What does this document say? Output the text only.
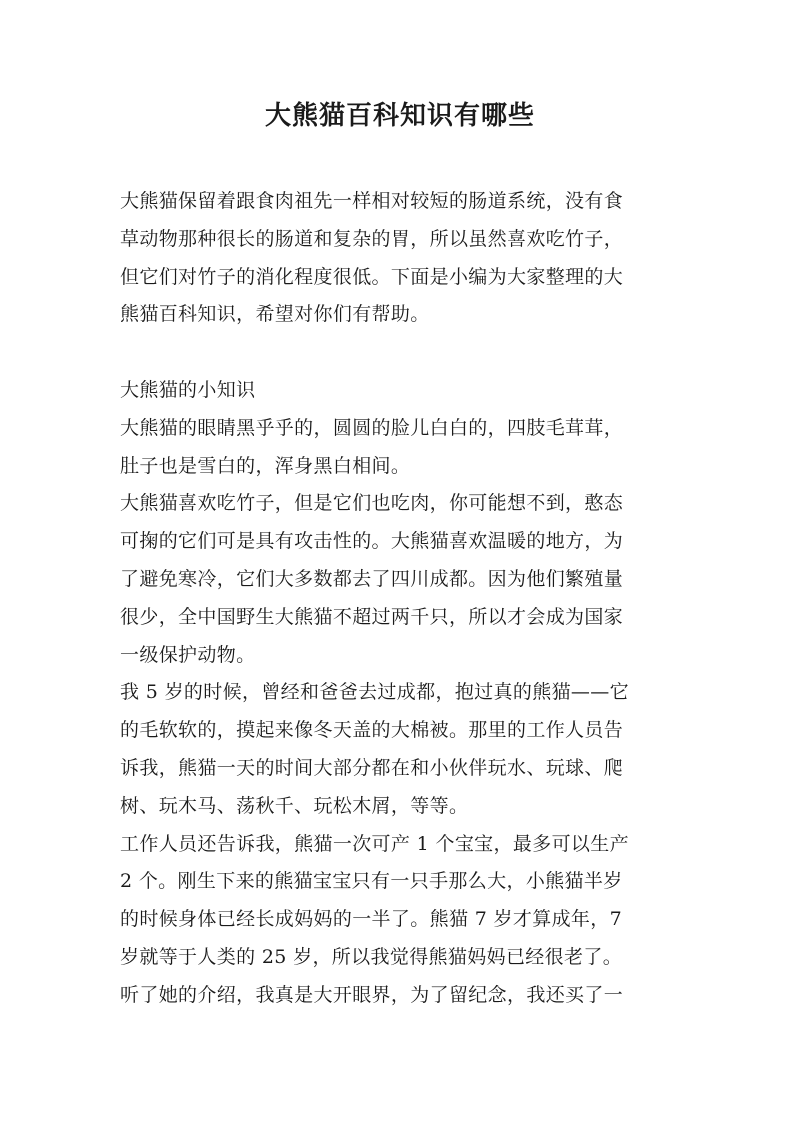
大熊猫百科知识有哪些
大熊猫保留着跟食肉祖先一样相对较短的肠道系统，没有食
草动物那种很长的肠道和复杂的胃，所以虽然喜欢吃竹子，
但它们对竹子的消化程度很低。下面是小编为大家整理的大
熊猫百科知识，希望对你们有帮助。
大熊猫的小知识
大熊猫的眼睛黑乎乎的，圆圆的脸儿白白的，四肢毛茸茸，
肚子也是雪白的，浑身黑白相间。
大熊猫喜欢吃竹子，但是它们也吃肉，你可能想不到，憨态
可掬的它们可是具有攻击性的。大熊猫喜欢温暖的地方，为
了避免寒冷，它们大多数都去了四川成都。因为他们繁殖量
很少，全中国野生大熊猫不超过两千只，所以才会成为国家
一级保护动物。
我 5 岁的时候，曾经和爸爸去过成都，抱过真的熊猫——它
的毛软软的，摸起来像冬天盖的大棉被。那里的工作人员告
诉我，熊猫一天的时间大部分都在和小伙伴玩水、玩球、爬
树、玩木马、荡秋千、玩松木屑，等等。
工作人员还告诉我，熊猫一次可产 1 个宝宝，最多可以生产
2 个。刚生下来的熊猫宝宝只有一只手那么大，小熊猫半岁
的时候身体已经长成妈妈的一半了。熊猫 7 岁才算成年，7
岁就等于人类的 25 岁，所以我觉得熊猫妈妈已经很老了。
听了她的介绍，我真是大开眼界，为了留纪念，我还买了一
